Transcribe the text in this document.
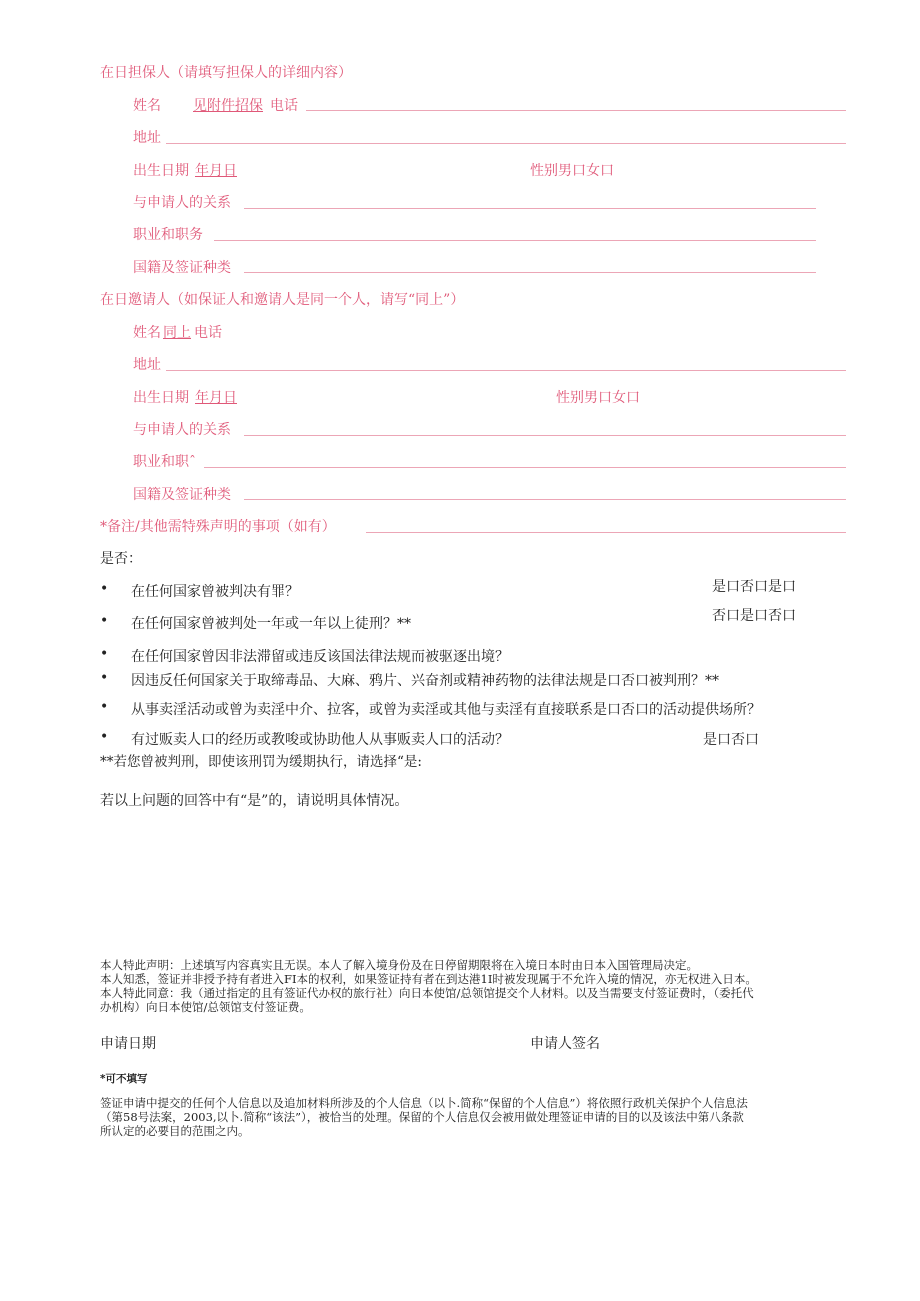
在日担保人（请填写担保人的详细内容）
姓名 见附件招保 电话
地址
出生日期 年月日	性别男口女口
与申请人的关系
职业和职务
国籍及签证种类
在日邀请人（如保证人和邀请人是同一个人，请写“同上”）
姓名 同上 电话
地址
出生日期 年月日	性别男口女口
与申请人的关系
职业和职ˆ
国籍及签证种类
*备注/其他需特殊声明的事项（如有）
是否：
• 在任何国家曾被判决有罪？	是口否口是口
• 在任何国家曾被判处一年或一年以上徒刑？**	否口是口否口
• 在任何国家曾因非法滞留或违反该国法律法规而被驱逐出境？
• 因违反任何国家关于取缔毒品、大麻、鸦片、兴奋剂或精神药物的法律法规是口否口被判刑？**
• 从事卖淫活动或曾为卖淫中介、拉客，或曾为卖淫或其他与卖淫有直接联系是口否口的活动提供场所？
• 有过贩卖人口的经历或教唆或协助他人从事贩卖人口的活动？	是口否口
**若您曾被判刑，即使该刑罚为缓期执行，请选择“是:
若以上问题的回答中有“是”的，请说明具体情况。
本人特此声明：上述填写内容真实且无误。本人了解入境身份及在日停留期限将在入境日本时由日本入国管理局决定。
本人知悉，签证并非授予持有者进入FI本的权利，如果签证持有者在到达港1I时被发现属于不允许入境的情况，亦无权进入日本。
本人特此同意：我（通过指定的且有签证代办权的旅行社）向日本使馆/总领馆提交个人材料。以及当需要支付签证费时，（委托代
办机构）向日本使馆/总领馆支付签证费。
申请日期	申请人签名
*可不填写
签证申请中提交的任何个人信息以及追加材料所涉及的个人信息（以卜.简称“保留的个人信息”）将依照行政机关保护个人信息法
（第58号法案，2003,以卜.简称“该法”），被恰当的处理。保留的个人信息仅会被用做处理签证申请的目的以及该法中第八条款
所认定的必要目的范围之内。
